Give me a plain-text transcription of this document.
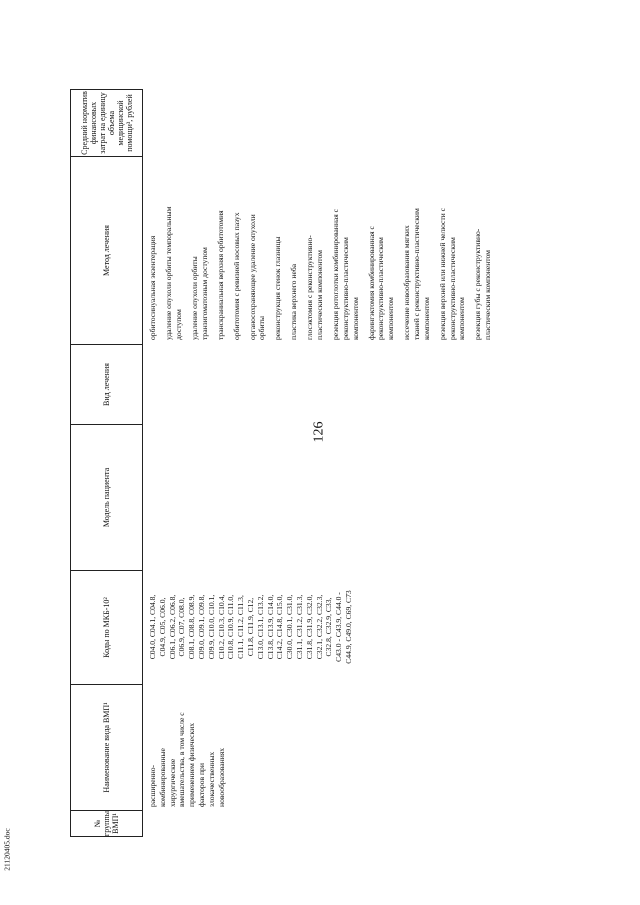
126
21120405.doc
№ группы ВМП¹
Наименование вида ВМП¹
Коды по МКБ-10²
Модель пациента
Вид лечения
Метод лечения
Средний норматив финансовых затрат на единицу объема медицинской помощи³, рублей
расширенно- комбинированные хирургические вмешательства, в том числе с применением физических факторов при злокачественных новообразованиях
C04.0, C04.1, C04.8, C04.9, C05, C06.0, C06.1, C06.2, C06.8, C06.9, C07, C08.0, C08.1, C08.8, C08.9, C09.0, C09.1, C09.8, C09.9, C10.0, C10.1, C10.2, C10.3, C10.4, C10.8, C10.9, C11.0, C11.1, C11.2, C11.3, C11.8, C11.9, C12, C13.0, C13.1, C13.2, C13.8, C13.9, C14.0, C14.2, C14.8, C15.0, C30.0, C30.1, C31.0, C31.1, C31.2, C31.3, C31.8, C31.9, C32.0, C32.1, C32.2, C32.3, C32.8, C32.9, C33, C43.0 - C43.9, C44.0 - C44.9, C49.0, C69, C73
орбитосинуальная экзентерация удаление опухоли орбиты темпоральным доступом удаление опухоли орбиты транзигоматозным доступом транскраниальная верхняя орбитотомия орбитотомия с ревизией носовых пазух органосохраняющее удаление опухоли орбиты реконструкция стенок глазницы пластика верхнего неба глосэктомия с реконструктивно- пластическим компонентом резекция ротоглотки комбинированная с реконструктивно-пластическим компонентом фарингэктомия комбинированная с реконструктивно-пластическим компонентом иссечение новообразования мягких тканей с реконструктивно-пластическим компонентом резекция верхней или нижней челюсти с реконструктивно-пластическим компонентом резекция губы с реконструктивно- пластическим компонентом
